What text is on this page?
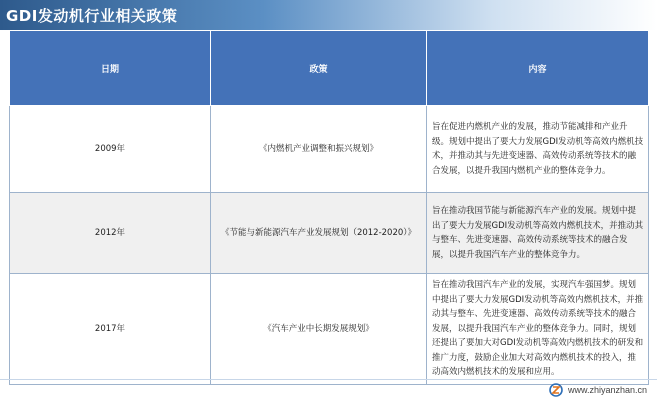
GDI发动机行业相关政策
日期	政策	内容
2009年	《内燃机产业调整和振兴规划》	旨在促进内燃机产业的发展，推动节能减排和产业升级。规划中提出了要大力发展GDI发动机等高效内燃机技术，并推动其与先进变速器、高效传动系统等技术的融合发展，以提升我国内燃机产业的整体竞争力。
2012年	《节能与新能源汽车产业发展规划（2012-2020）》	旨在推动我国节能与新能源汽车产业的发展。规划中提出了要大力发展GDI发动机等高效内燃机技术，并推动其与整车、先进变速器、高效传动系统等技术的融合发展，以提升我国汽车产业的整体竞争力。
2017年	《汽车产业中长期发展规划》	旨在推动我国汽车产业的发展，实现汽车强国梦。规划中提出了要大力发展GDI发动机等高效内燃机技术，并推动其与整车、先进变速器、高效传动系统等技术的融合发展，以提升我国汽车产业的整体竞争力。同时，规划还提出了要加大对GDI发动机等高效内燃机技术的研发和推广力度，鼓励企业加大对高效内燃机技术的投入，推动高效内燃机技术的发展和应用。
www.zhiyanzhan.cn
